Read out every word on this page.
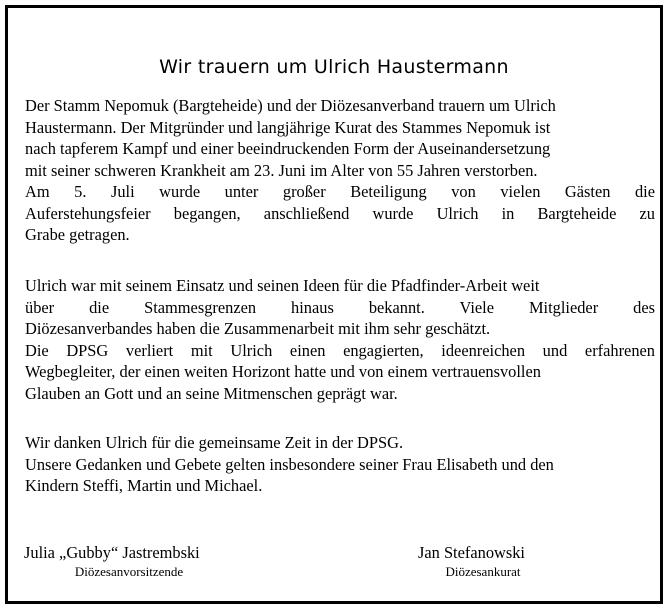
Wir trauern um Ulrich Haustermann
Der Stamm Nepomuk (Bargteheide) und der Diözesanverband trauern um Ulrich
Haustermann. Der Mitgründer und langjährige Kurat des Stammes Nepomuk ist
nach tapferem Kampf und einer beeindruckenden Form der Auseinandersetzung
mit seiner schweren Krankheit am 23. Juni im Alter von 55 Jahren verstorben.
Am 5. Juli wurde unter großer Beteiligung von vielen Gästen die
Auferstehungsfeier begangen, anschließend wurde Ulrich in Bargteheide zu
Grabe getragen.
Ulrich war mit seinem Einsatz und seinen Ideen für die Pfadfinder-Arbeit weit
über die Stammesgrenzen hinaus bekannt. Viele Mitglieder des
Diözesanverbandes haben die Zusammenarbeit mit ihm sehr geschätzt.
Die DPSG verliert mit Ulrich einen engagierten, ideenreichen und erfahrenen
Wegbegleiter, der einen weiten Horizont hatte und von einem vertrauensvollen
Glauben an Gott und an seine Mitmenschen geprägt war.
Wir danken Ulrich für die gemeinsame Zeit in der DPSG.
Unsere Gedanken und Gebete gelten insbesondere seiner Frau Elisabeth und den
Kindern Steffi, Martin und Michael.
Julia „Gubby“ Jastrembski
Diözesanvorsitzende
Jan Stefanowski
Diözesankurat
